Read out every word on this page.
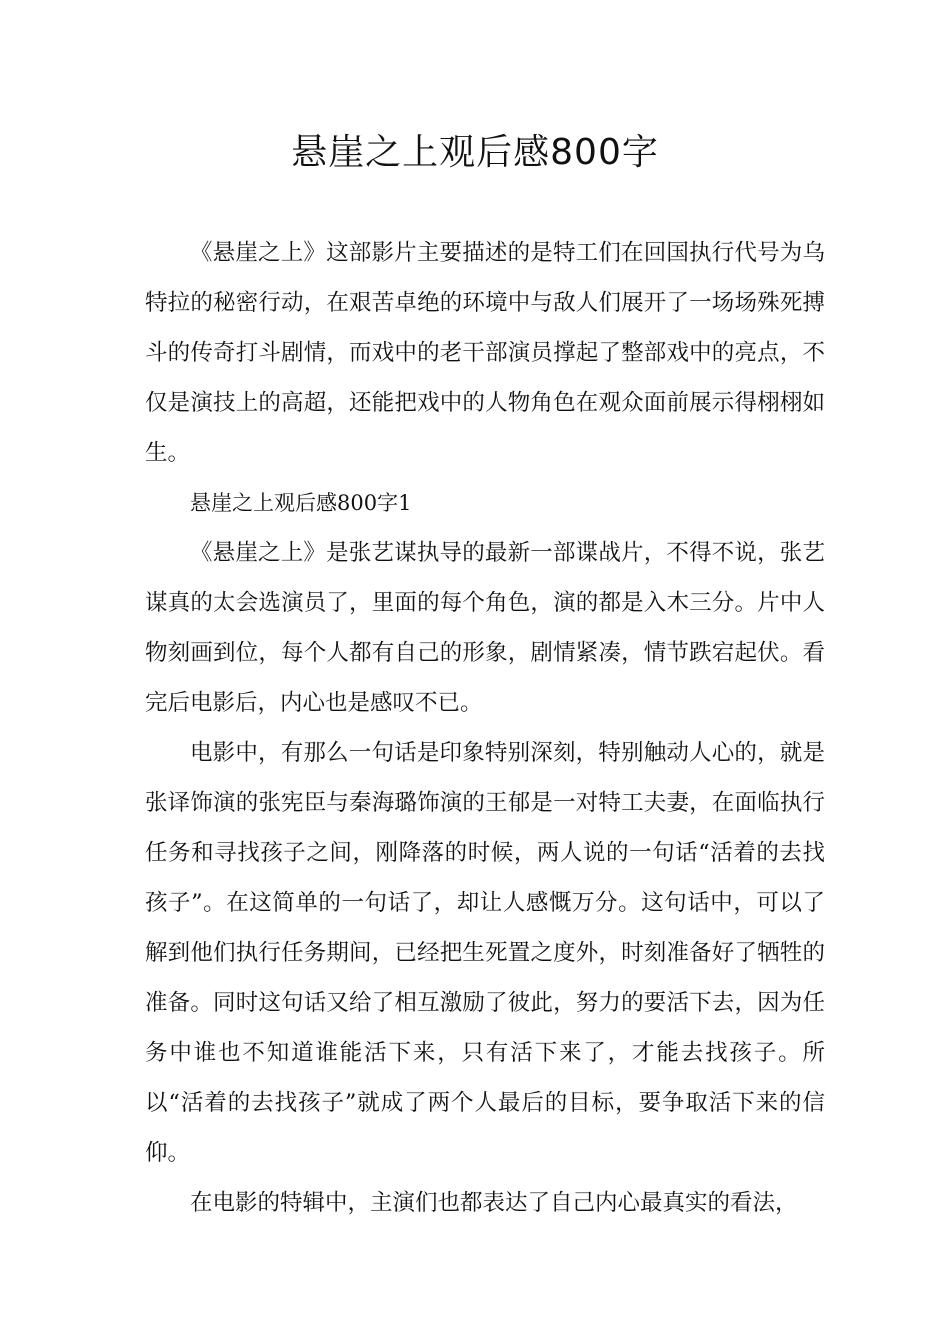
悬崖之上观后感800字

《悬崖之上》这部影片主要描述的是特工们在回国执行代号为乌特拉的秘密行动，在艰苦卓绝的环境中与敌人们展开了一场场殊死搏斗的传奇打斗剧情，而戏中的老干部演员撑起了整部戏中的亮点，不仅是演技上的高超，还能把戏中的人物角色在观众面前展示得栩栩如生。

悬崖之上观后感800字1

《悬崖之上》是张艺谋执导的最新一部谍战片，不得不说，张艺谋真的太会选演员了，里面的每个角色，演的都是入木三分。片中人物刻画到位，每个人都有自己的形象，剧情紧凑，情节跌宕起伏。看完后电影后，内心也是感叹不已。

电影中，有那么一句话是印象特别深刻，特别触动人心的，就是张译饰演的张宪臣与秦海璐饰演的王郁是一对特工夫妻，在面临执行任务和寻找孩子之间，刚降落的时候，两人说的一句话“活着的去找孩子”。在这简单的一句话了，却让人感慨万分。这句话中，可以了解到他们执行任务期间，已经把生死置之度外，时刻准备好了牺牲的准备。同时这句话又给了相互激励了彼此，努力的要活下去，因为任务中谁也不知道谁能活下来，只有活下来了，才能去找孩子。所以“活着的去找孩子”就成了两个人最后的目标，要争取活下来的信仰。

在电影的特辑中，主演们也都表达了自己内心最真实的看法，
